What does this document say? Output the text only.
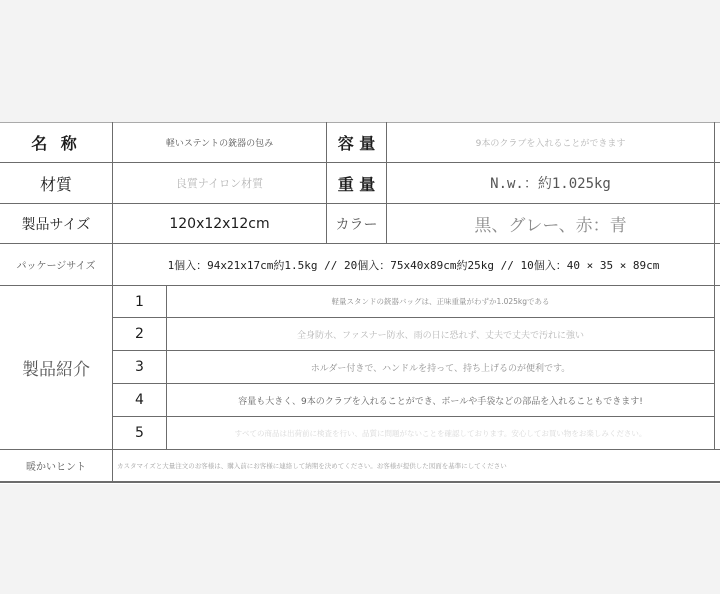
名 称	軽いステントの銃器の包み	容 量	9本のクラブを入れることができます
材質	良質ナイロン材質	重 量	N.w.：約1.025kg
製品サイズ	120x12x12cm	カラー	黒、グレー、赤：青
パッケージサイズ	1個入：94x21x17cm約1.5kg // 20個入：75x40x89cm約25kg // 10個入：40 × 35 × 89cm
製品紹介
1	軽量スタンドの銃器バッグは、正味重量がわずか1.025kgである
2	全身防水、ファスナー防水、雨の日に恐れず、丈夫で丈夫で汚れに強い
3	ホルダー付きで、ハンドルを持って、持ち上げるのが便利です。
4	容量も大きく、9本のクラブを入れることができ、ボールや手袋などの部品を入れることもできます!
5	すべての商品は出荷前に検査を行い、品質に問題がないことを確認しております。安心してお買い物をお楽しみください。
暖かいヒント	カスタマイズと大量注文のお客様は、購入前にお客様に連絡して納期を決めてください。お客様が提供した図面を基準にしてください
